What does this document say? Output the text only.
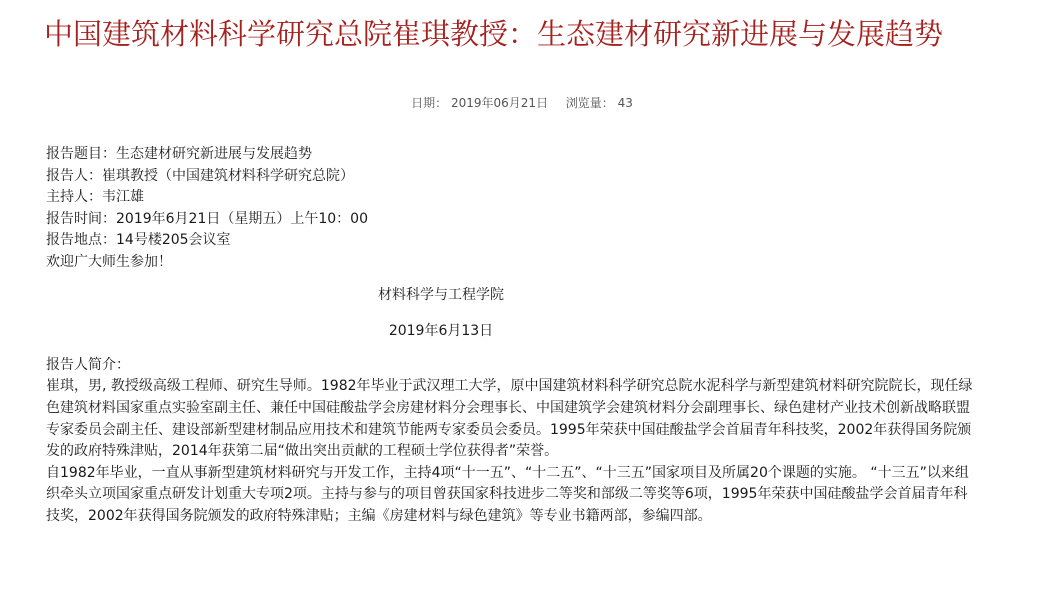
中国建筑材料科学研究总院崔琪教授：生态建材研究新进展与发展趋势
日期： 2019年06月21日 浏览量： 43
报告题目：生态建材研究新进展与发展趋势
报告人：崔琪教授（中国建筑材料科学研究总院）
主持人：韦江雄
报告时间：2019年6月21日（星期五）上午10：00
报告地点：14号楼205会议室
欢迎广大师生参加！
材料科学与工程学院
2019年6月13日
报告人简介：
崔琪，男, 教授级高级工程师、研究生导师。1982年毕业于武汉理工大学，原中国建筑材料科学研究总院水泥科学与新型建筑材料研究院院长，现任绿色建筑材料国家重点实验室副主任、兼任中国硅酸盐学会房建材料分会理事长、中国建筑学会建筑材料分会副理事长、绿色建材产业技术创新战略联盟专家委员会副主任、建设部新型建材制品应用技术和建筑节能两专家委员会委员。1995年荣获中国硅酸盐学会首届青年科技奖，2002年获得国务院颁发的政府特殊津贴，2014年获第二届“做出突出贡献的工程硕士学位获得者”荣誉。
自1982年毕业，一直从事新型建筑材料研究与开发工作，主持4项“十一五”、“十二五”、“十三五”国家项目及所属20个课题的实施。 “十三五”以来组织牵头立项国家重点研发计划重大专项2项。主持与参与的项目曾获国家科技进步二等奖和部级二等奖等6项，1995年荣获中国硅酸盐学会首届青年科技奖，2002年获得国务院颁发的政府特殊津贴；主编《房建材料与绿色建筑》等专业书籍两部，参编四部。
